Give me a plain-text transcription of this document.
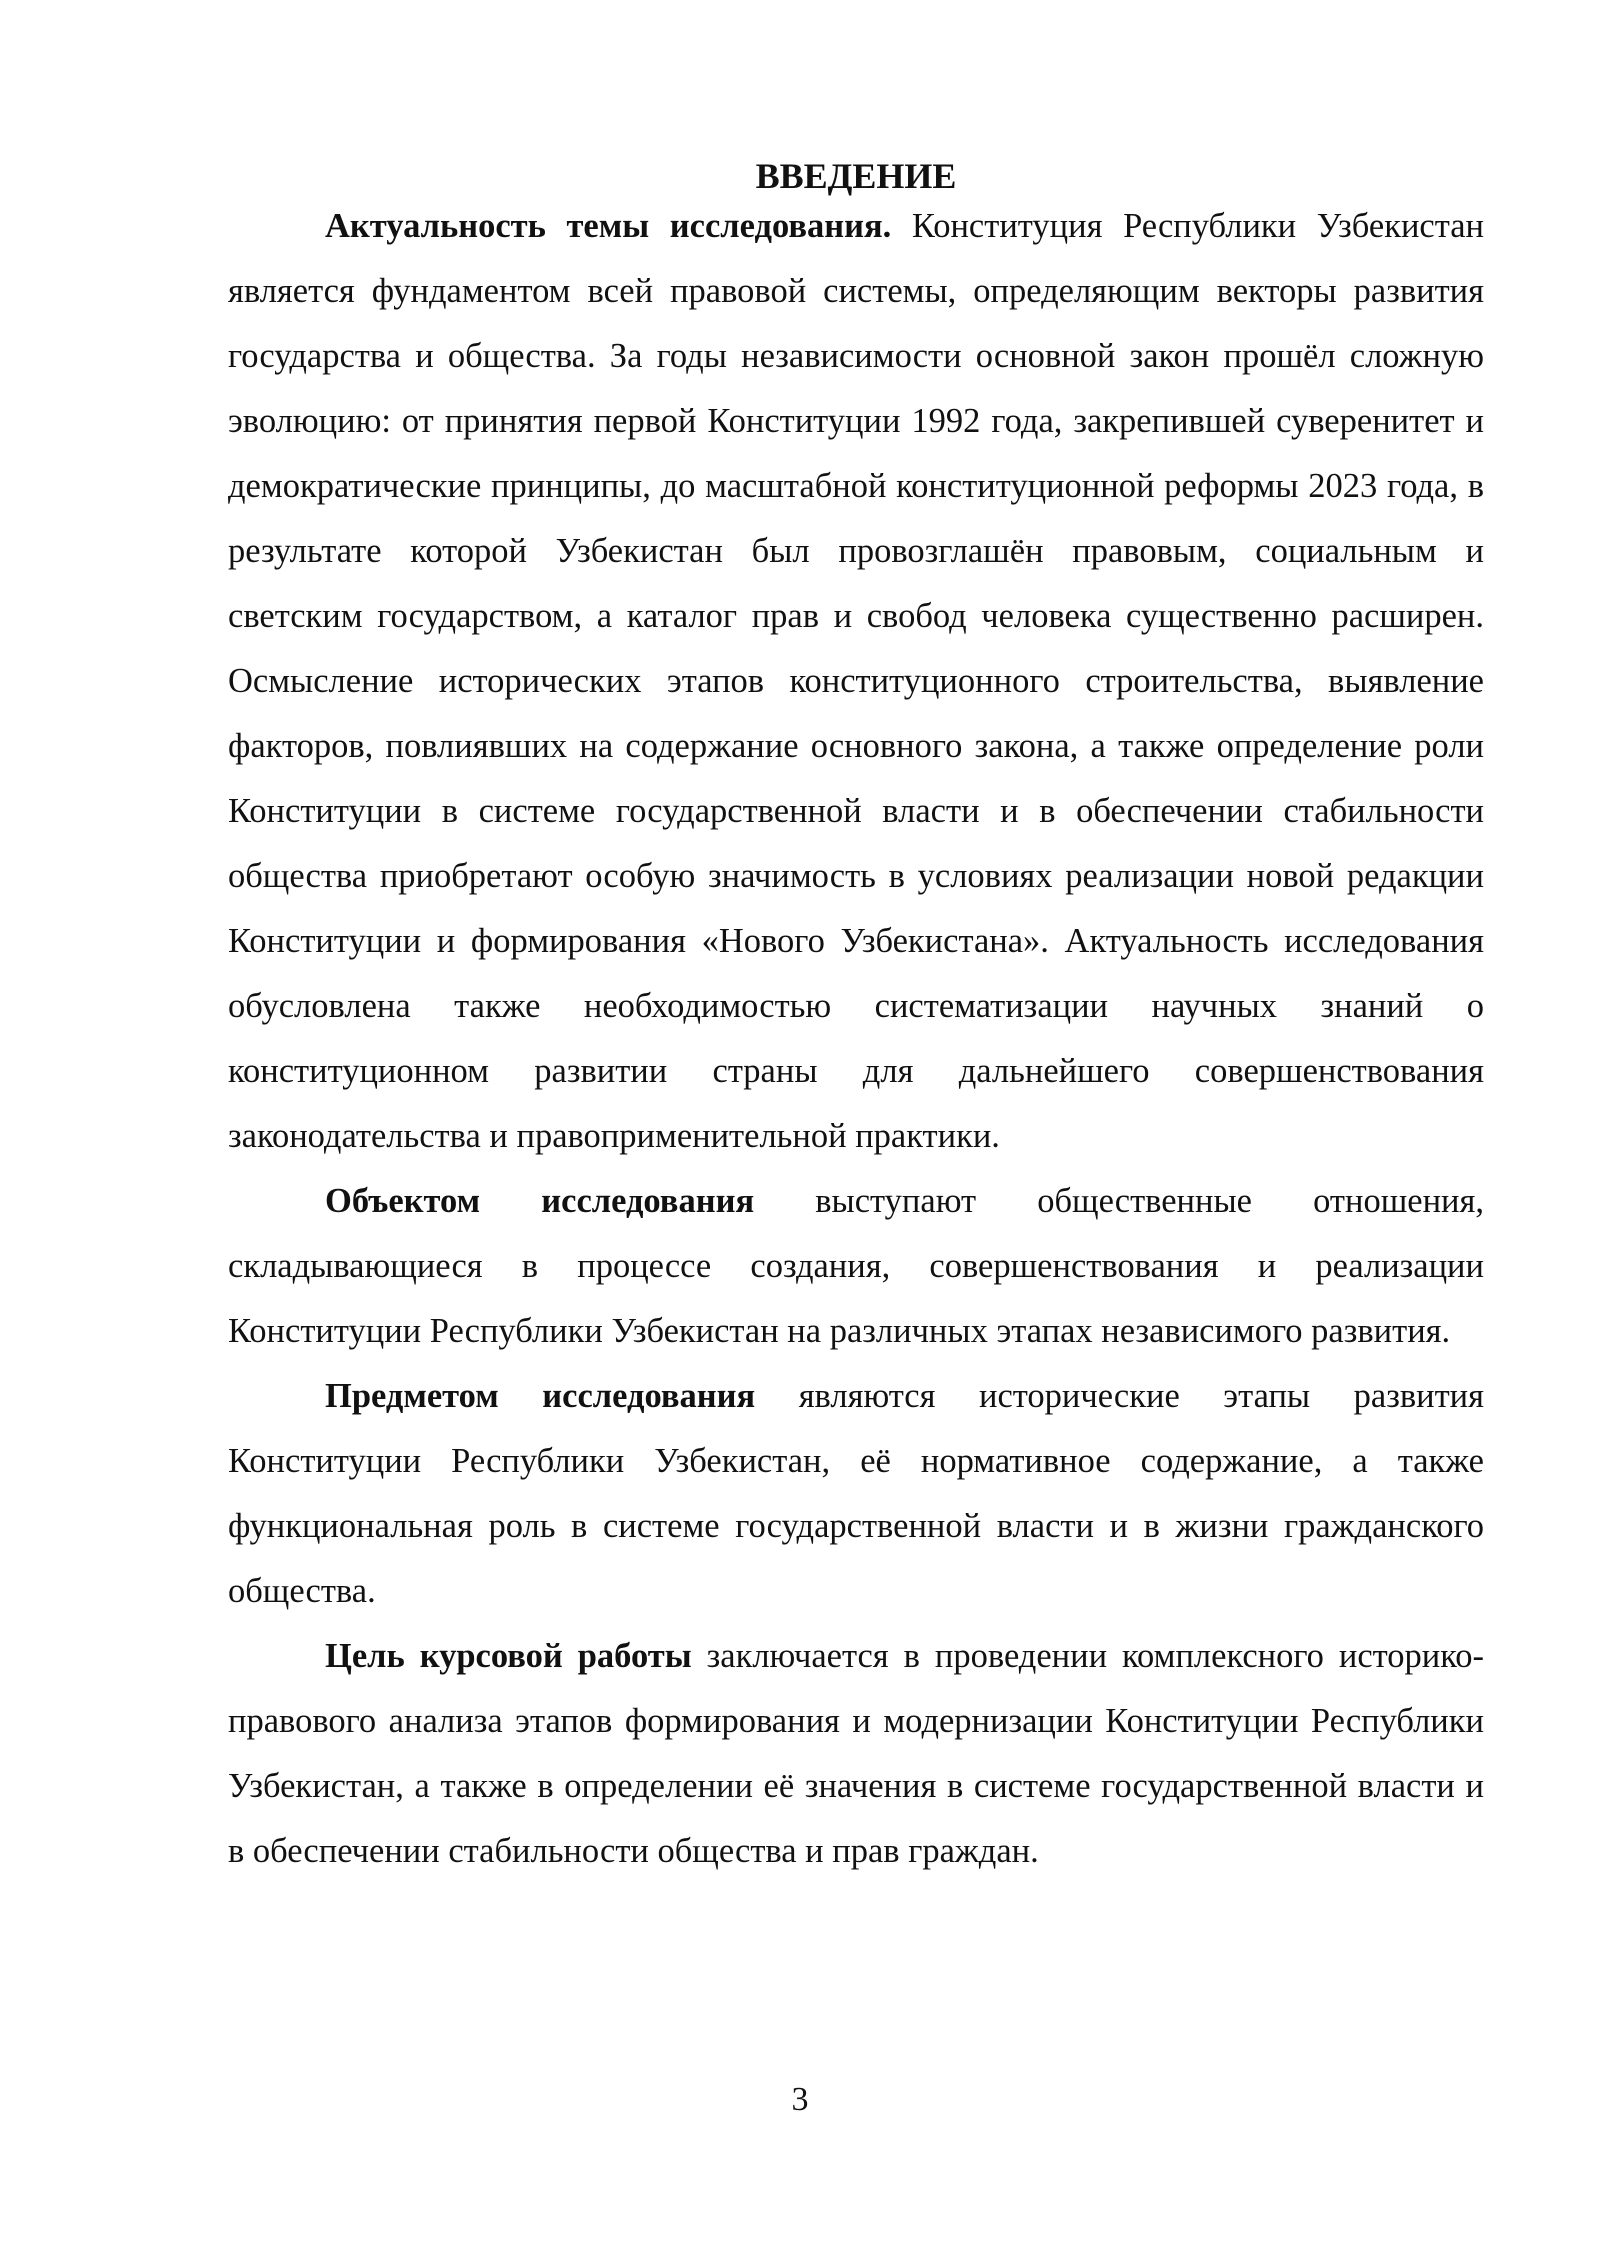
ВВЕДЕНИЕ

Актуальность темы исследования. Конституция Республики Узбекистан является фундаментом всей правовой системы, определяющим векторы развития государства и общества. За годы независимости основной закон прошёл сложную эволюцию: от принятия первой Конституции 1992 года, закрепившей суверенитет и демократические принципы, до масштабной конституционной реформы 2023 года, в результате которой Узбекистан был провозглашён правовым, социальным и светским государством, а каталог прав и свобод человека существенно расширен. Осмысление исторических этапов конституционного строительства, выявление факторов, повлиявших на содержание основного закона, а также определение роли Конституции в системе государственной власти и в обеспечении стабильности общества приобретают особую значимость в условиях реализации новой редакции Конституции и формирования «Нового Узбекистана». Актуальность исследования обусловлена также необходимостью систематизации научных знаний о конституционном развитии страны для дальнейшего совершенствования законодательства и правоприменительной практики.

Объектом исследования выступают общественные отношения, складывающиеся в процессе создания, совершенствования и реализации Конституции Республики Узбекистан на различных этапах независимого развития.

Предметом исследования являются исторические этапы развития Конституции Республики Узбекистан, её нормативное содержание, а также функциональная роль в системе государственной власти и в жизни гражданского общества.

Цель курсовой работы заключается в проведении комплексного историко-правового анализа этапов формирования и модернизации Конституции Республики Узбекистан, а также в определении её значения в системе государственной власти и в обеспечении стабильности общества и прав граждан.

3
